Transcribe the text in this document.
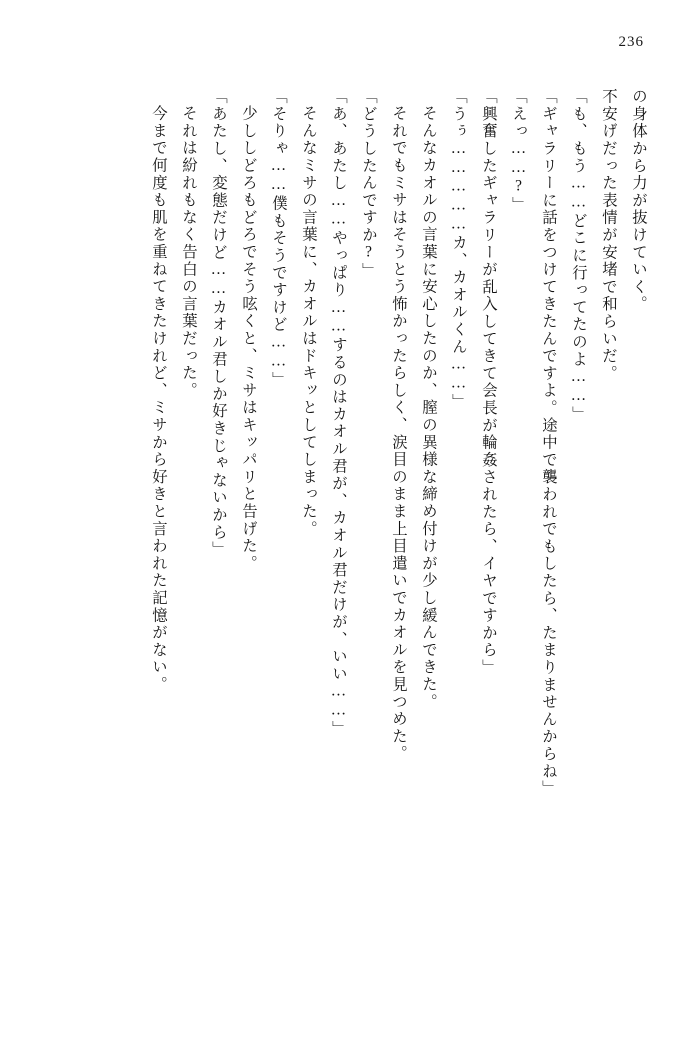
236
の身体から力が抜けていく。
不安げだった表情が安堵で和らいだ。
「も、もう……どこに行ってたのよ……」
「ギャラリーに話をつけてきたんですよ。途中で襲われでもしたら、たまりませんからね」
「えっ……?」
「興奮したギャラリーが乱入してきて会長が輪姦されたら、イヤですから」
「うぅ……………カ、カオルくん……」
そんなカオルの言葉に安心したのか、膣の異様な締め付けが少し緩んできた。
それでもミサはそうとう怖かったらしく、涙目のまま上目遣いでカオルを見つめた。
「どうしたんですか?」
「あ、あたし……やっぱり……するのはカオル君が、カオル君だけが、いい……」
そんなミサの言葉に、カオルはドキッとしてしまった。
「そりゃ……僕もそうですけど……」
少ししどろもどろでそう呟くと、ミサはキッパリと告げた。
「あたし、変態だけど……カオル君しか好きじゃないから」
それは紛れもなく告白の言葉だった。
今まで何度も肌を重ねてきたけれど、ミサから好きと言われた記憶がない。
